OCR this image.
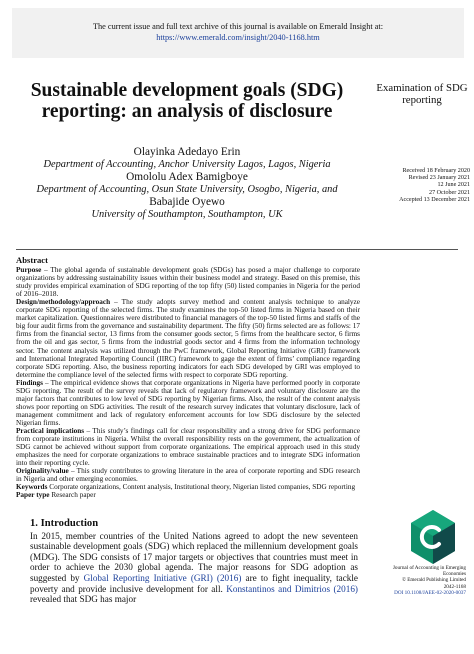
The current issue and full text archive of this journal is available on Emerald Insight at:
https://www.emerald.com/insight/2040-1168.htm
Sustainable development goals (SDG) reporting: an analysis of disclosure
Olayinka Adedayo Erin
Department of Accounting, Anchor University Lagos, Lagos, Nigeria
Omololu Adex Bamigboye
Department of Accounting, Osun State University, Osogbo, Nigeria, and
Babajide Oyewo
University of Southampton, Southampton, UK
Examination of SDG reporting
Received 18 February 2020
Revised 23 January 2021
12 June 2021
27 October 2021
Accepted 13 December 2021
Abstract

Purpose – The global agenda of sustainable development goals (SDGs) has posed a major challenge to corporate organizations by addressing sustainability issues within their business model and strategy. Based on this premise, this study provides empirical examination of SDG reporting of the top fifty (50) listed companies in Nigeria for the period of 2016–2018.

Design/methodology/approach – The study adopts survey method and content analysis technique to analyze corporate SDG reporting of the selected firms. The study examines the top-50 listed firms in Nigeria based on their market capitalization. Questionnaires were distributed to financial managers of the top-50 listed firms and staffs of the big four audit firms from the governance and sustainability department. The fifty (50) firms selected are as follows: 17 firms from the financial sector, 13 firms from the consumer goods sector, 5 firms from the healthcare sector, 6 firms from the oil and gas sector, 5 firms from the industrial goods sector and 4 firms from the information technology sector. The content analysis was utilized through the PwC framework, Global Reporting Initiative (GRI) framework and International Integrated Reporting Council (IIRC) framework to gage the extent of firms’ compliance regarding corporate SDG reporting. Also, the business reporting indicators for each SDG developed by GRI was employed to determine the compliance level of the selected firms with respect to corporate SDG reporting.

Findings – The empirical evidence shows that corporate organizations in Nigeria have performed poorly in corporate SDG reporting. The result of the survey reveals that lack of regulatory framework and voluntary disclosure are the major factors that contributes to low level of SDG reporting by Nigerian firms. Also, the result of the content analysis shows poor reporting on SDG activities. The result of the research survey indicates that voluntary disclosure, lack of management commitment and lack of regulatory enforcement accounts for low SDG disclosure by the selected Nigerian firms.

Practical implications – This study’s findings call for clear responsibility and a strong drive for SDG performance from corporate institutions in Nigeria. Whilst the overall responsibility rests on the government, the actualization of SDG cannot be achieved without support from corporate organizations. The empirical approach used in this study emphasizes the need for corporate organizations to embrace sustainable practices and to integrate SDG information into their reporting cycle.

Originality/value – This study contributes to growing literature in the area of corporate reporting and SDG research in Nigeria and other emerging economies.

Keywords Corporate organizations, Content analysis, Institutional theory, Nigerian listed companies, SDG reporting

Paper type Research paper

1. Introduction

In 2015, member countries of the United Nations agreed to adopt the new seventeen sustainable development goals (SDG) which replaced the millennium development goals (MDG). The SDG consists of 17 major targets or objectives that countries must meet in order to achieve the 2030 global agenda. The major reasons for SDG adoption as suggested by Global Reporting Initiative (GRI) (2016) are to fight inequality, tackle poverty and provide inclusive development for all. Konstantinos and Dimitrios (2016) revealed that SDG has major

Journal of Accounting in Emerging Economies
© Emerald Publishing Limited
2042-1168
DOI 10.1108/JAEE-02-2020-0037
